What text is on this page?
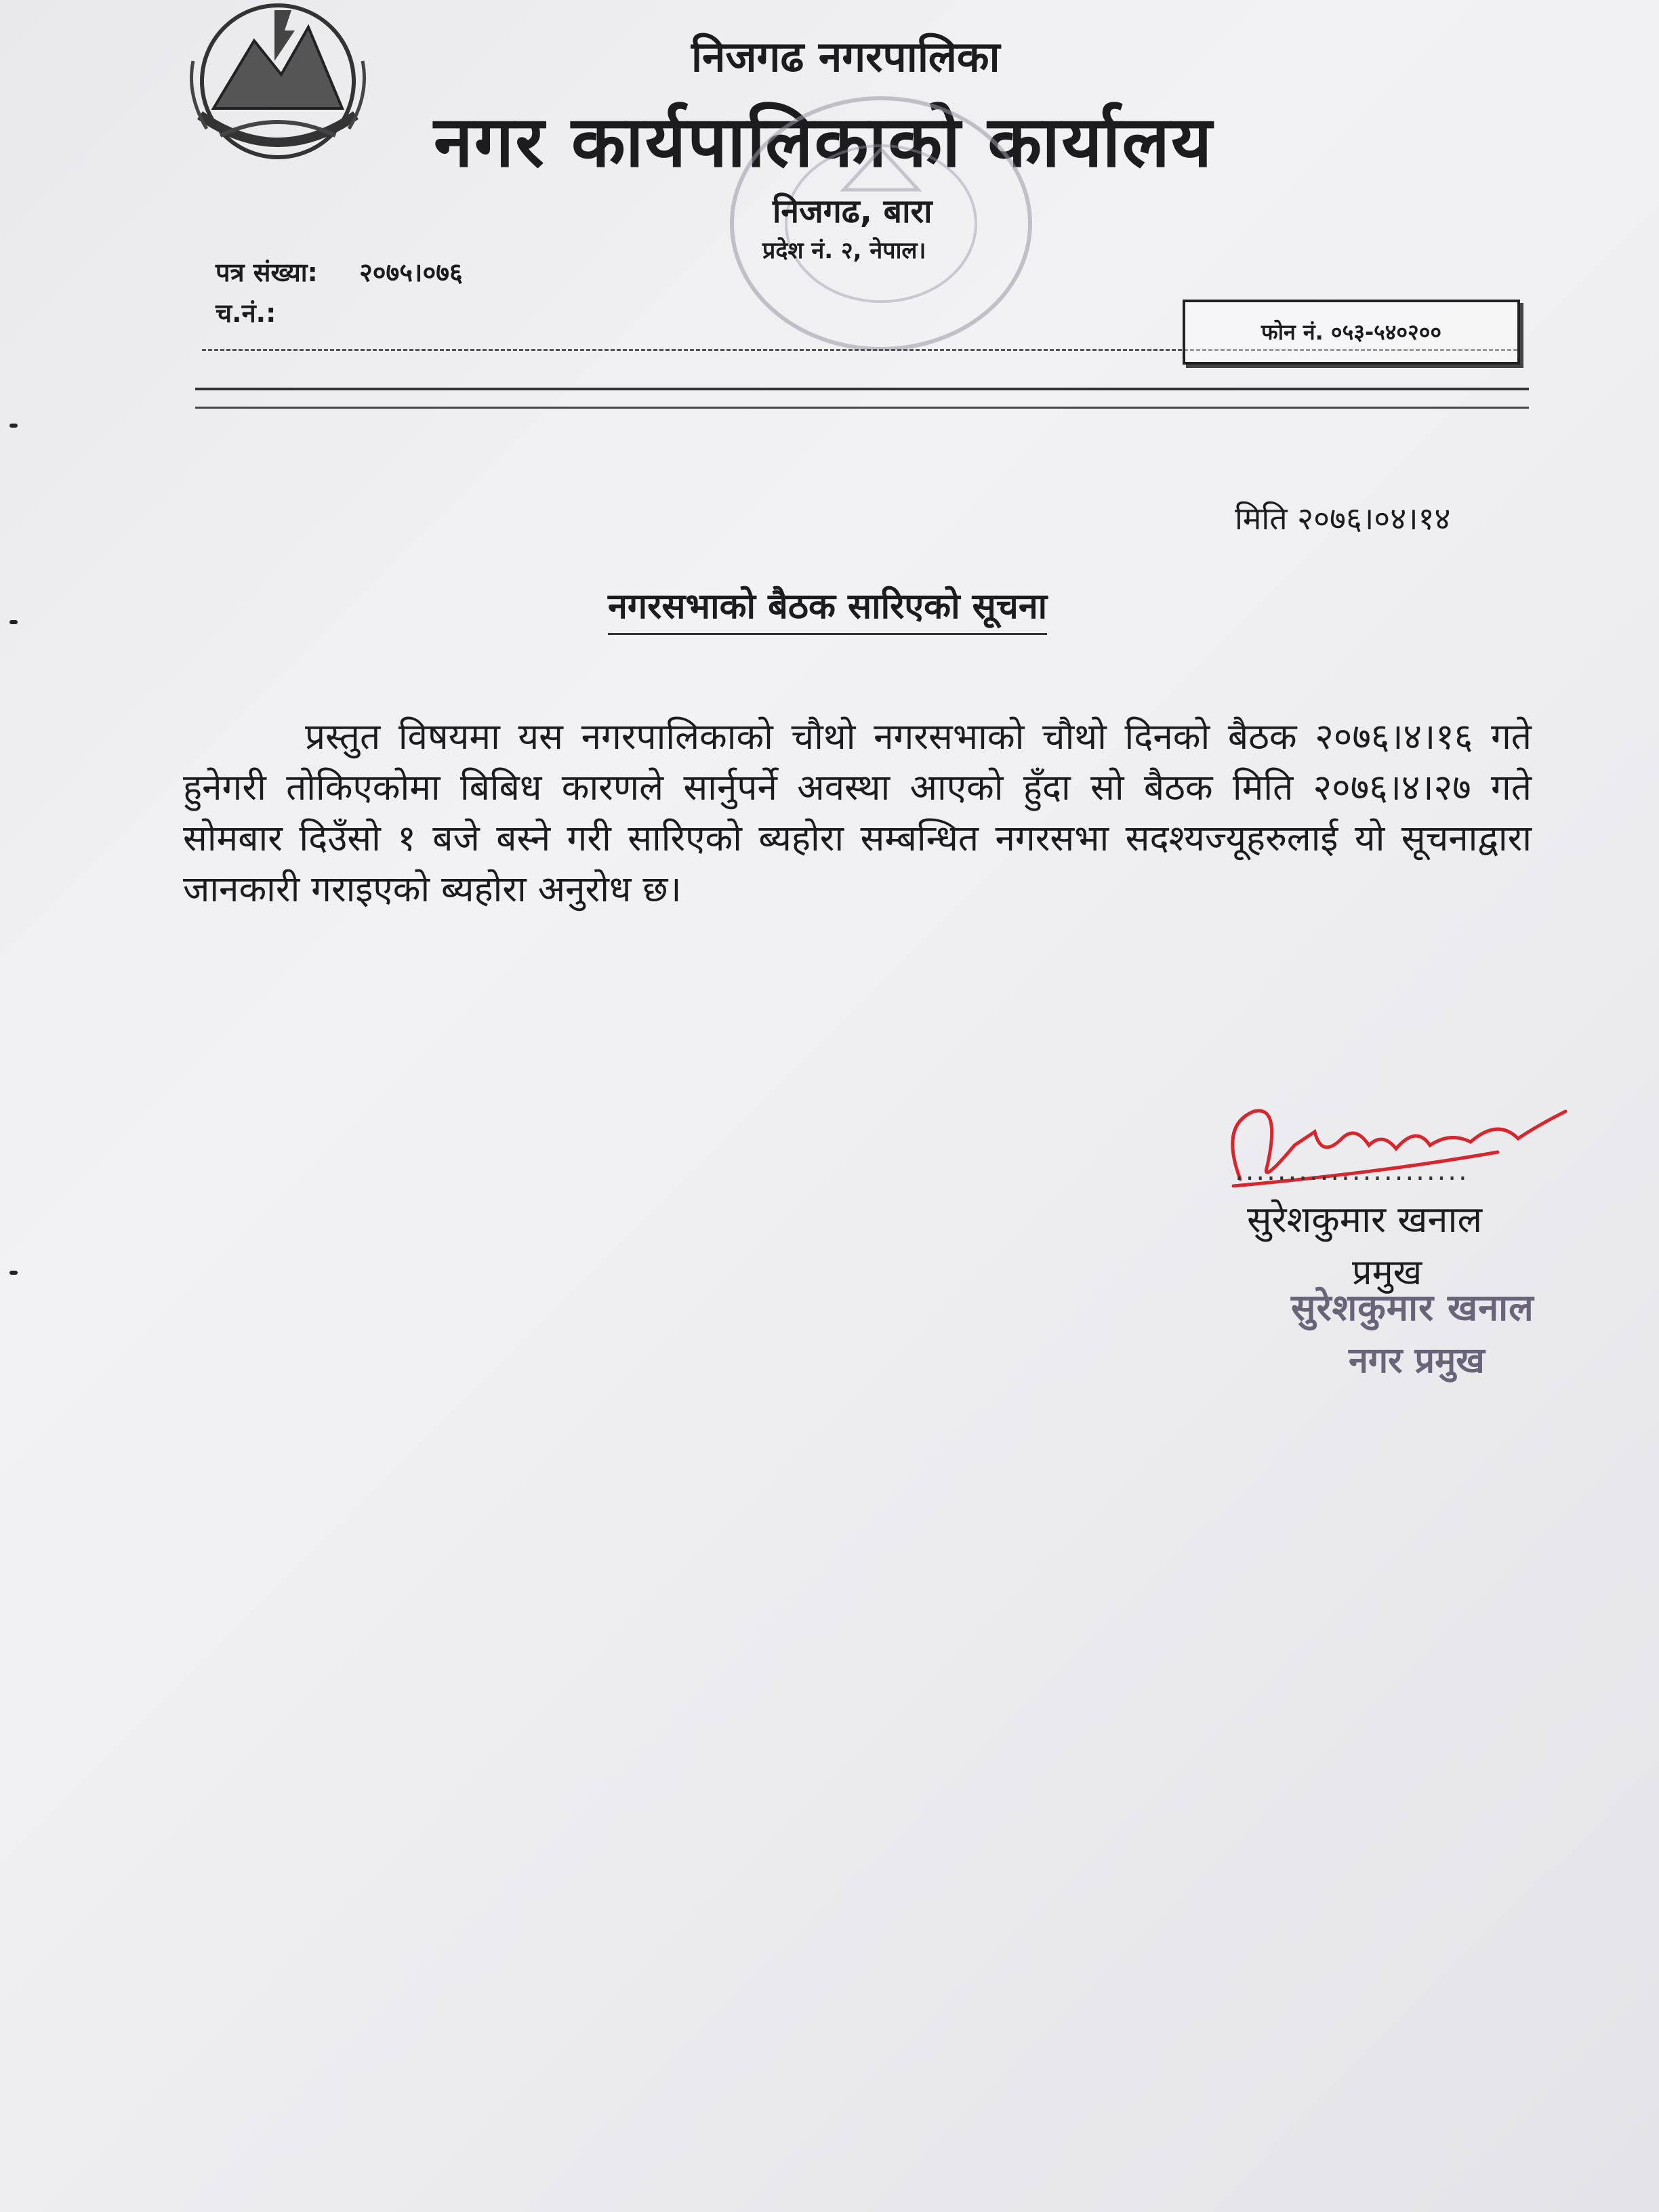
निजगढ नगरपालिका
नगर कार्यपालिकाको कार्यालय
निजगढ, बारा
प्रदेश नं. २, नेपाल।
पत्र संख्या: २०७५।०७६
च.नं.:
फोन नं. ०५३-५४०२००
मिति २०७६।०४।१४
नगरसभाको बैठक सारिएको सूचना
प्रस्तुत विषयमा यस नगरपालिकाको चौथो नगरसभाको चौथो दिनको बैठक २०७६।४।१६ गते हुनेगरी तोकिएकोमा बिबिध कारणले सार्नुपर्ने अवस्था आएको हुँदा सो बैठक मिति २०७६।४।२७ गते सोमबार दिउँसो १ बजे बस्ने गरी सारिएको ब्यहोरा सम्बन्धित नगरसभा सदश्यज्यूहरुलाई यो सूचनाद्वारा जानकारी गराइएको ब्यहोरा अनुरोध छ।
......................
सुरेशकुमार खनाल
प्रमुख
सुरेशकुमार खनाल
नगर प्रमुख
